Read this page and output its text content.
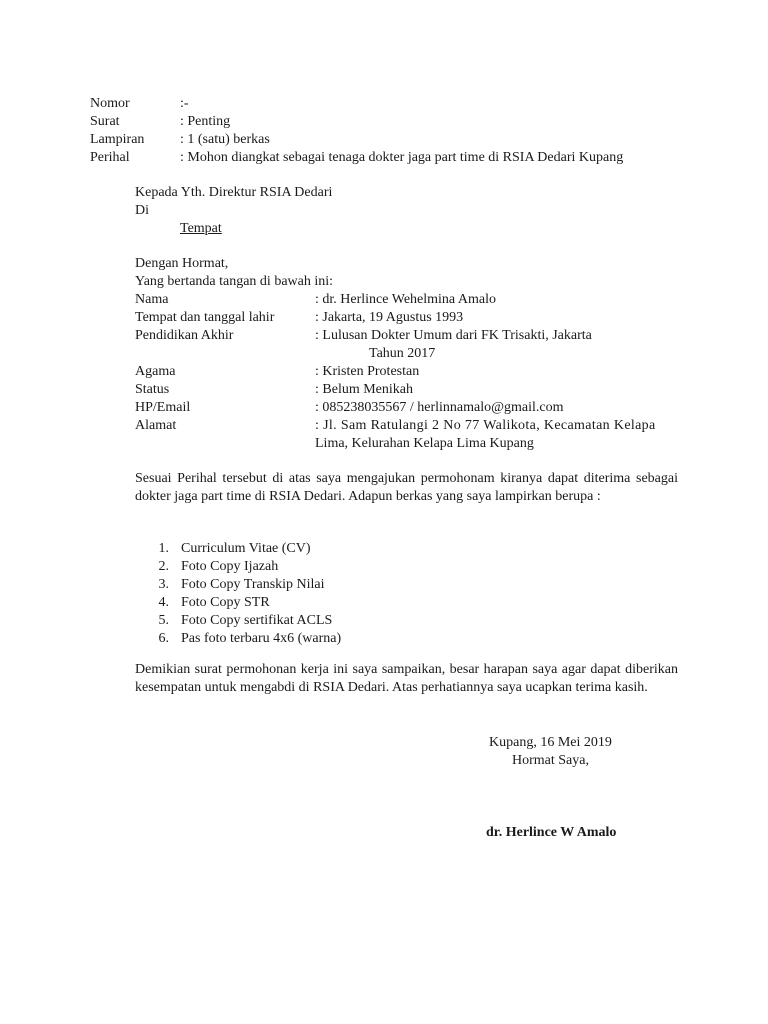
Nomor	:-
Surat	: Penting
Lampiran	: 1 (satu) berkas
Perihal	: Mohon diangkat sebagai tenaga dokter jaga part time di RSIA Dedari Kupang
Kepada Yth. Direktur RSIA Dedari
Di
Tempat
Dengan Hormat,
Yang bertanda tangan di bawah ini:
Nama	: dr. Herlince Wehelmina Amalo
Tempat dan tanggal lahir	: Jakarta, 19 Agustus 1993
Pendidikan Akhir	: Lulusan Dokter Umum dari FK Trisakti, Jakarta
Tahun 2017
Agama	: Kristen Protestan
Status	: Belum Menikah
HP/Email	: 085238035567 / herlinnamalo@gmail.com
Alamat	: Jl. Sam Ratulangi 2 No 77 Walikota, Kecamatan Kelapa
Lima, Kelurahan Kelapa Lima Kupang

Sesuai Perihal tersebut di atas saya mengajukan permohonam kiranya dapat diterima sebagai dokter jaga part time di RSIA Dedari. Adapun berkas yang saya lampirkan berupa :

1. Curriculum Vitae (CV)
2. Foto Copy Ijazah
3. Foto Copy Transkip Nilai
4. Foto Copy STR
5. Foto Copy sertifikat ACLS
6. Pas foto terbaru 4x6 (warna)

Demikian surat permohonan kerja ini saya sampaikan, besar harapan saya agar dapat diberikan kesempatan untuk mengabdi di RSIA Dedari. Atas perhatiannya saya ucapkan terima kasih.

Kupang, 16 Mei 2019
Hormat Saya,
dr. Herlince W Amalo
